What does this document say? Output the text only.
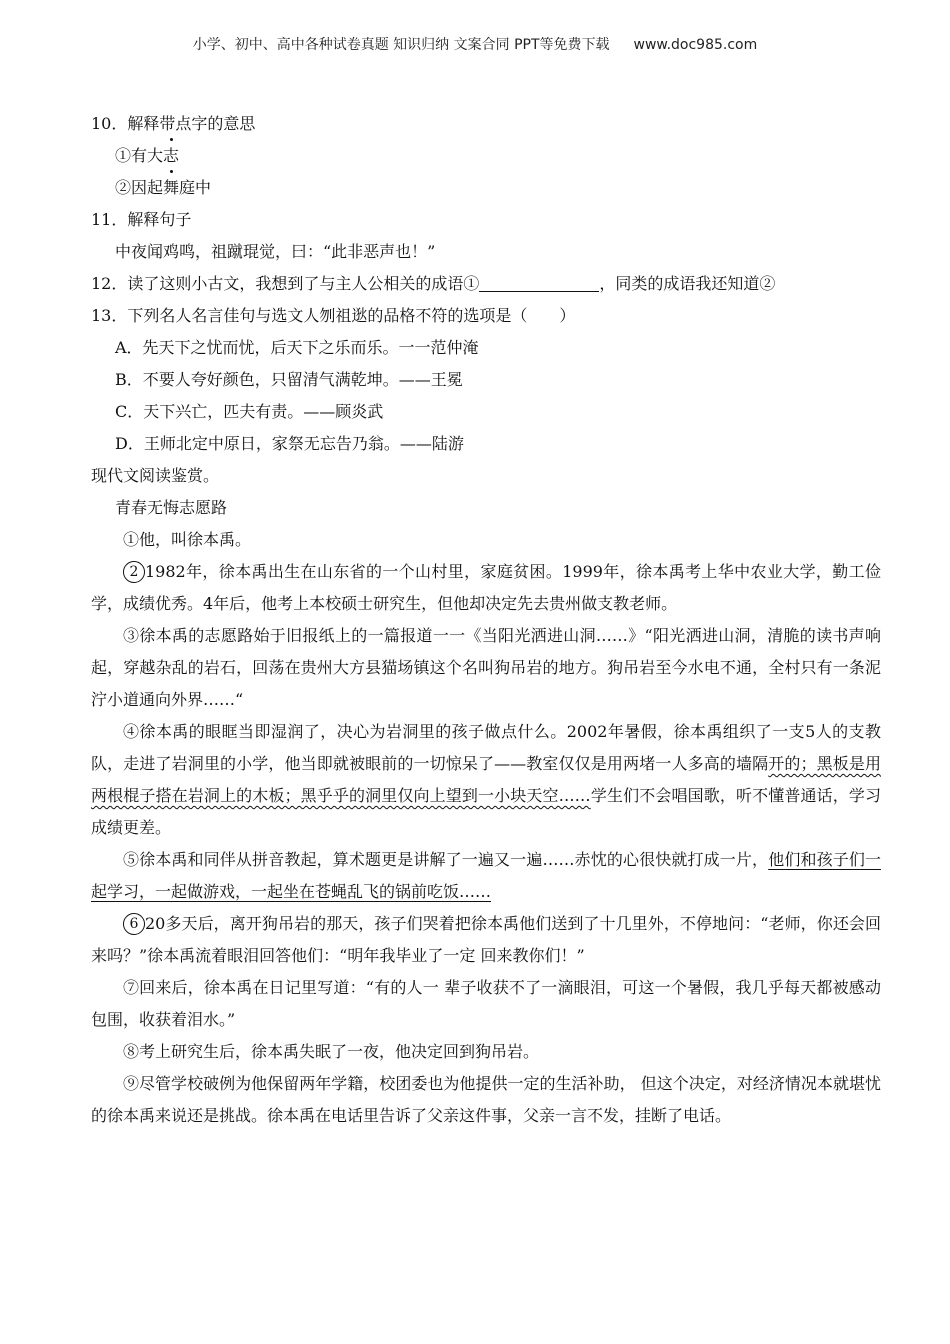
小学、初中、高中各种试卷真题 知识归纳 文案合同 PPT等免费下载 www.doc985.com

10．解释带点字的意思

①有大志

②因起舞庭中

11．解释句子

中夜闻鸡鸣，祖蹴琨觉，曰：“此非恶声也！”

12．读了这则小古文，我想到了与主人公相关的成语①	，同类的成语我还知道②

13．下列名人名言佳句与选文人刎祖逖的品格不符的选项是（　　）

A．先天下之忧而忧，后天下之乐而乐。一一范仲淹

B．不要人夸好颜色，只留清气满乾坤。——王冕

C．天下兴亡，匹夫有责。——顾炎武

D．王师北定中原日，家祭无忘告乃翁。——陆游

现代文阅读鉴赏。

青春无悔志愿路

①他，叫徐本禹。

2 1982年，徐本禹出生在山东省的一个山村里，家庭贫困。1999年，徐本禹考上华中农业大学，勤工俭学，成绩优秀。4年后，他考上本校硕士研究生，但他却决定先去贵州做支教老师。

③徐本禹的志愿路始于旧报纸上的一篇报道一一《当阳光洒进山洞……》“阳光洒进山洞，清脆的读书声响起，穿越杂乱的岩石，回荡在贵州大方县猫场镇这个名叫狗吊岩的地方。狗吊岩至今水电不通，全村只有一条泥泞小道通向外界……“

④徐本禹的眼眶当即湿润了，决心为岩洞里的孩子做点什么。2002年暑假，徐本禹组织了一支5人的支教队，走进了岩洞里的小学，他当即就被眼前的一切惊呆了——教室仅仅是用两堵一人多高的墙隔开的；黑板是用两根棍子搭在岩洞上的木板；黑乎乎的洞里仅向上望到一小块天空……学生们不会唱国歌，听不懂普通话，学习成绩更差。

⑤徐本禹和同伴从拼音教起，算术题更是讲解了一遍又一遍……赤忱的心很快就打成一片，他们和孩子们一起学习，一起做游戏，一起坐在苍蝇乱飞的锅前吃饭……

6 20多天后，离开狗吊岩的那天，孩子们哭着把徐本禹他们送到了十几里外，不停地问：“老师，你还会回来吗？”徐本禹流着眼泪回答他们：“明年我毕业了一定 回来教你们！”

⑦回来后，徐本禹在日记里写道：“有的人一 辈子收获不了一滴眼泪，可这一个暑假，我几乎每天都被感动包围，收获着泪水。”

⑧考上研究生后，徐本禹失眠了一夜，他决定回到狗吊岩。

⑨尽管学校破例为他保留两年学籍，校团委也为他提供一定的生活补助， 但这个决定，对经济情况本就堪忧的徐本禹来说还是挑战。徐本禹在电话里告诉了父亲这件事，父亲一言不发，挂断了电话。
